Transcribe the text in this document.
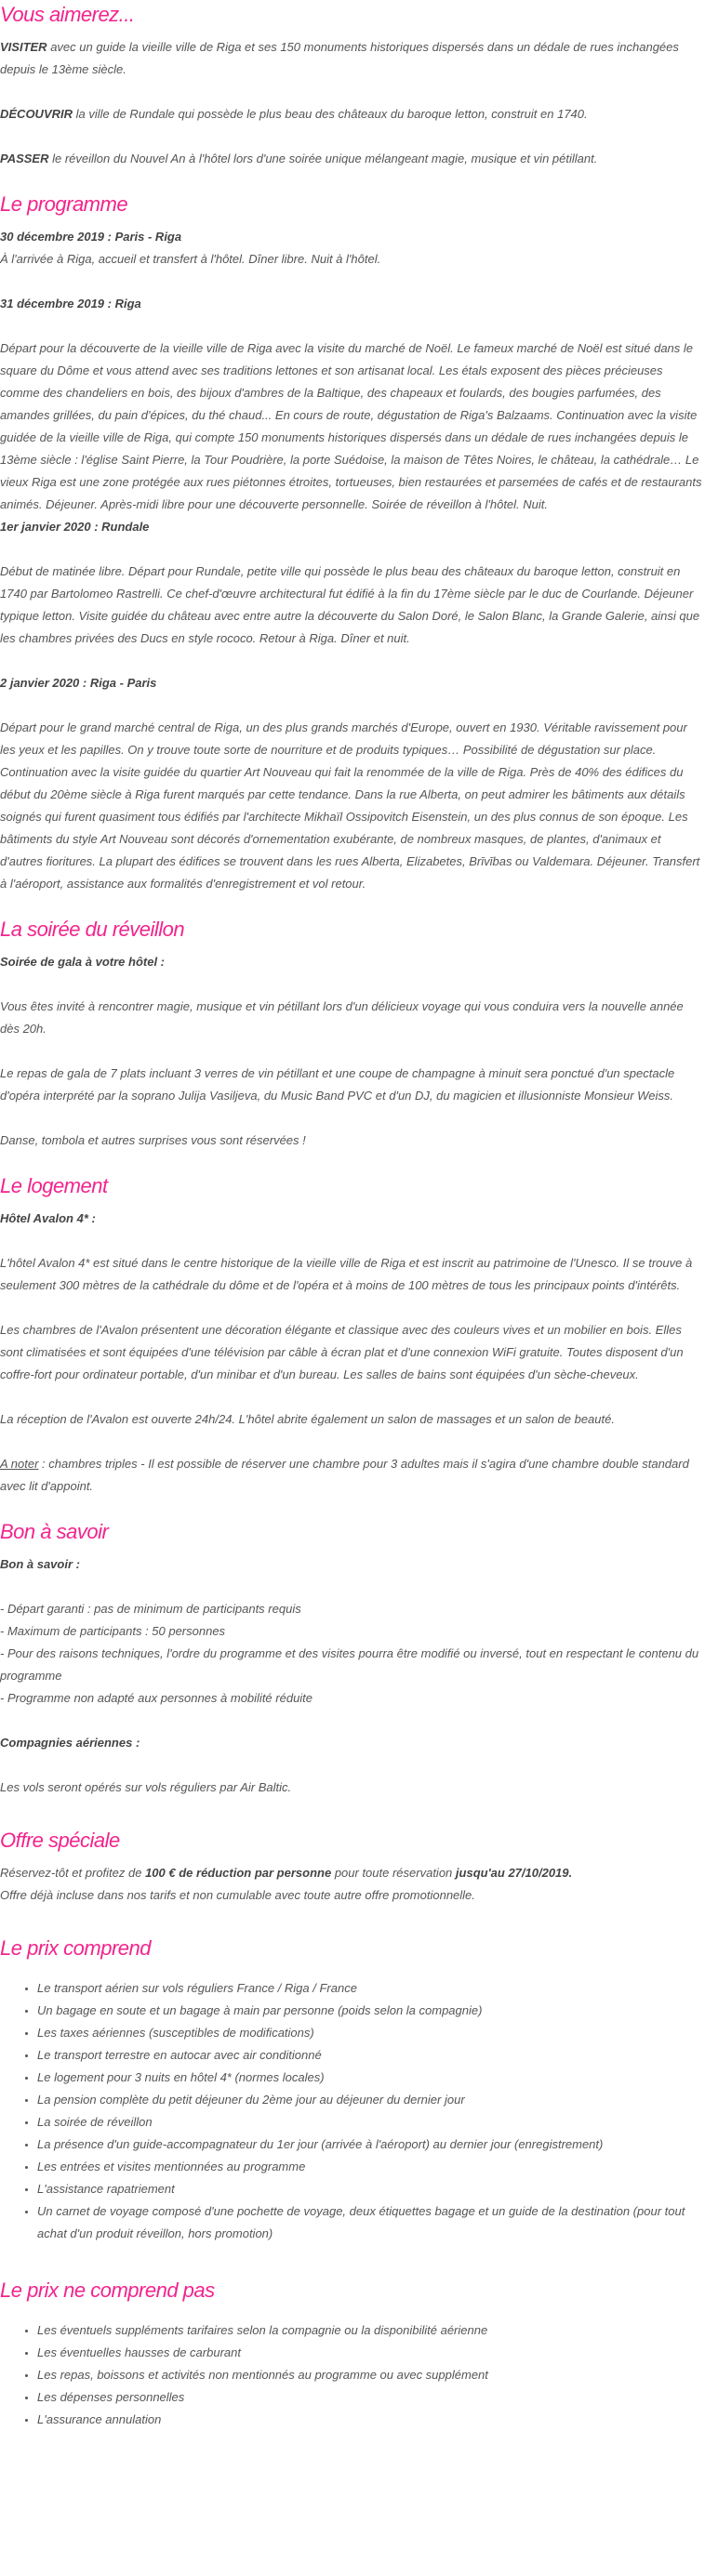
Vous aimerez...

VISITER avec un guide la vieille ville de Riga et ses 150 monuments historiques dispersés dans un dédale de rues inchangées depuis le 13ème siècle.

DÉCOUVRIR la ville de Rundale qui possède le plus beau des châteaux du baroque letton, construit en 1740.

PASSER le réveillon du Nouvel An à l'hôtel lors d'une soirée unique mélangeant magie, musique et vin pétillant.

Le programme

30 décembre 2019 : Paris - Riga

À l'arrivée à Riga, accueil et transfert à l'hôtel. Dîner libre. Nuit à l'hôtel.

31 décembre 2019 : Riga

Départ pour la découverte de la vieille ville de Riga avec la visite du marché de Noël. Le fameux marché de Noël est situé dans le square du Dôme et vous attend avec ses traditions lettones et son artisanat local. Les étals exposent des pièces précieuses comme des chandeliers en bois, des bijoux d'ambres de la Baltique, des chapeaux et foulards, des bougies parfumées, des amandes grillées, du pain d'épices, du thé chaud... En cours de route, dégustation de Riga's Balzaams. Continuation avec la visite guidée de la vieille ville de Riga, qui compte 150 monuments historiques dispersés dans un dédale de rues inchangées depuis le 13ème siècle : l'église Saint Pierre, la Tour Poudrière, la porte Suédoise, la maison de Têtes Noires, le château, la cathédrale… Le vieux Riga est une zone protégée aux rues piétonnes étroites, tortueuses, bien restaurées et parsemées de cafés et de restaurants animés. Déjeuner. Après-midi libre pour une découverte personnelle. Soirée de réveillon à l'hôtel. Nuit.

1er janvier 2020 : Rundale

Début de matinée libre. Départ pour Rundale, petite ville qui possède le plus beau des châteaux du baroque letton, construit en 1740 par Bartolomeo Rastrelli. Ce chef-d'œuvre architectural fut édifié à la fin du 17ème siècle par le duc de Courlande. Déjeuner typique letton. Visite guidée du château avec entre autre la découverte du Salon Doré, le Salon Blanc, la Grande Galerie, ainsi que les chambres privées des Ducs en style rococo. Retour à Riga. Dîner et nuit.

2 janvier 2020 : Riga - Paris

Départ pour le grand marché central de Riga, un des plus grands marchés d'Europe, ouvert en 1930. Véritable ravissement pour les yeux et les papilles. On y trouve toute sorte de nourriture et de produits typiques… Possibilité de dégustation sur place. Continuation avec la visite guidée du quartier Art Nouveau qui fait la renommée de la ville de Riga. Près de 40% des édifices du début du 20ème siècle à Riga furent marqués par cette tendance. Dans la rue Alberta, on peut admirer les bâtiments aux détails soignés qui furent quasiment tous édifiés par l'architecte Mikhaïl Ossipovitch Eisenstein, un des plus connus de son époque. Les bâtiments du style Art Nouveau sont décorés d'ornementation exubérante, de nombreux masques, de plantes, d'animaux et d'autres fioritures. La plupart des édifices se trouvent dans les rues Alberta, Elizabetes, Brīvības ou Valdemara. Déjeuner. Transfert à l'aéroport, assistance aux formalités d'enregistrement et vol retour.

La soirée du réveillon

Soirée de gala à votre hôtel :

Vous êtes invité à rencontrer magie, musique et vin pétillant lors d'un délicieux voyage qui vous conduira vers la nouvelle année dès 20h.

Le repas de gala de 7 plats incluant 3 verres de vin pétillant et une coupe de champagne à minuit sera ponctué d'un spectacle d'opéra interprété par la soprano Julija Vasiljeva, du Music Band PVC et d'un DJ, du magicien et illusionniste Monsieur Weiss.

Danse, tombola et autres surprises vous sont réservées !

Le logement

Hôtel Avalon 4* :

L'hôtel Avalon 4* est situé dans le centre historique de la vieille ville de Riga et est inscrit au patrimoine de l'Unesco. Il se trouve à seulement 300 mètres de la cathédrale du dôme et de l'opéra et à moins de 100 mètres de tous les principaux points d'intérêts.

Les chambres de l'Avalon présentent une décoration élégante et classique avec des couleurs vives et un mobilier en bois. Elles sont climatisées et sont équipées d'une télévision par câble à écran plat et d'une connexion WiFi gratuite. Toutes disposent d'un coffre-fort pour ordinateur portable, d'un minibar et d'un bureau. Les salles de bains sont équipées d'un sèche-cheveux.

La réception de l'Avalon est ouverte 24h/24. L'hôtel abrite également un salon de massages et un salon de beauté.

A noter : chambres triples - Il est possible de réserver une chambre pour 3 adultes mais il s'agira d'une chambre double standard avec lit d'appoint.

Bon à savoir

Bon à savoir :

- Départ garanti : pas de minimum de participants requis

- Maximum de participants : 50 personnes

- Pour des raisons techniques, l'ordre du programme et des visites pourra être modifié ou inversé, tout en respectant le contenu du programme

- Programme non adapté aux personnes à mobilité réduite

Compagnies aériennes :

Les vols seront opérés sur vols réguliers par Air Baltic.

Offre spéciale

Réservez-tôt et profitez de 100 € de réduction par personne pour toute réservation jusqu'au 27/10/2019.

Offre déjà incluse dans nos tarifs et non cumulable avec toute autre offre promotionnelle.

Le prix comprend
• Le transport aérien sur vols réguliers France / Riga / France
• Un bagage en soute et un bagage à main par personne (poids selon la compagnie)
• Les taxes aériennes (susceptibles de modifications)
• Le transport terrestre en autocar avec air conditionné
• Le logement pour 3 nuits en hôtel 4* (normes locales)
• La pension complète du petit déjeuner du 2ème jour au déjeuner du dernier jour
• La soirée de réveillon
• La présence d'un guide-accompagnateur du 1er jour (arrivée à l'aéroport) au dernier jour (enregistrement)
• Les entrées et visites mentionnées au programme
• L'assistance rapatriement
• Un carnet de voyage composé d'une pochette de voyage, deux étiquettes bagage et un guide de la destination (pour tout achat d'un produit réveillon, hors promotion)
Le prix ne comprend pas
• Les éventuels suppléments tarifaires selon la compagnie ou la disponibilité aérienne
• Les éventuelles hausses de carburant
• Les repas, boissons et activités non mentionnés au programme ou avec supplément
• Les dépenses personnelles
• L'assurance annulation
